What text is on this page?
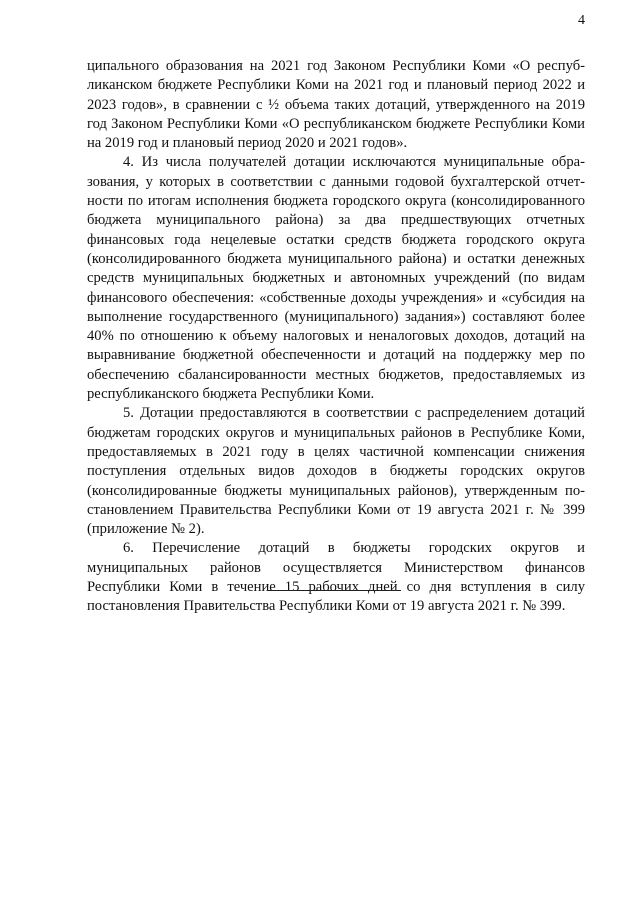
4

ципального образования на 2021 год Законом Республики Коми «О республиканском бюджете Республики Коми на 2021 год и плановый период 2022 и 2023 годов», в сравнении с ½ объема таких дотаций, утвержденного на 2019 год Законом Республики Коми «О республиканском бюджете Республики Коми на 2019 год и плановый период 2020 и 2021 годов».

4. Из числа получателей дотации исключаются муниципальные образования, у которых в соответствии с данными годовой бухгалтерской отчетности по итогам исполнения бюджета городского округа (консолидированного бюджета муниципального района) за два предшествующих отчетных финансовых года нецелевые остатки средств бюджета городского округа (консолидированного бюджета муниципального района) и остатки денежных средств муниципальных бюджетных и автономных учреждений (по видам финансового обеспечения: «собственные доходы учреждения» и «субсидия на выполнение государственного (муниципального) задания») составляют более 40% по отношению к объему налоговых и неналоговых доходов, дотаций на выравнивание бюджетной обеспеченности и дотаций на поддержку мер по обеспечению сбалансированности местных бюджетов, предоставляемых из республиканского бюджета Республики Коми.

5. Дотации предоставляются в соответствии с распределением дотаций бюджетам городских округов и муниципальных районов в Республике Коми, предоставляемых в 2021 году в целях частичной компенсации снижения поступления отдельных видов доходов в бюджеты городских округов (консолидированные бюджеты муниципальных районов), утвержденным постановлением Правительства Республики Коми от 19 августа 2021 г. № 399 (приложение № 2).

6. Перечисление дотаций в бюджеты городских округов и муниципальных районов осуществляется Министерством финансов Республики Коми в течение 15 рабочих дней со дня вступления в силу постановления Правительства Республики Коми от 19 августа 2021 г. № 399.
